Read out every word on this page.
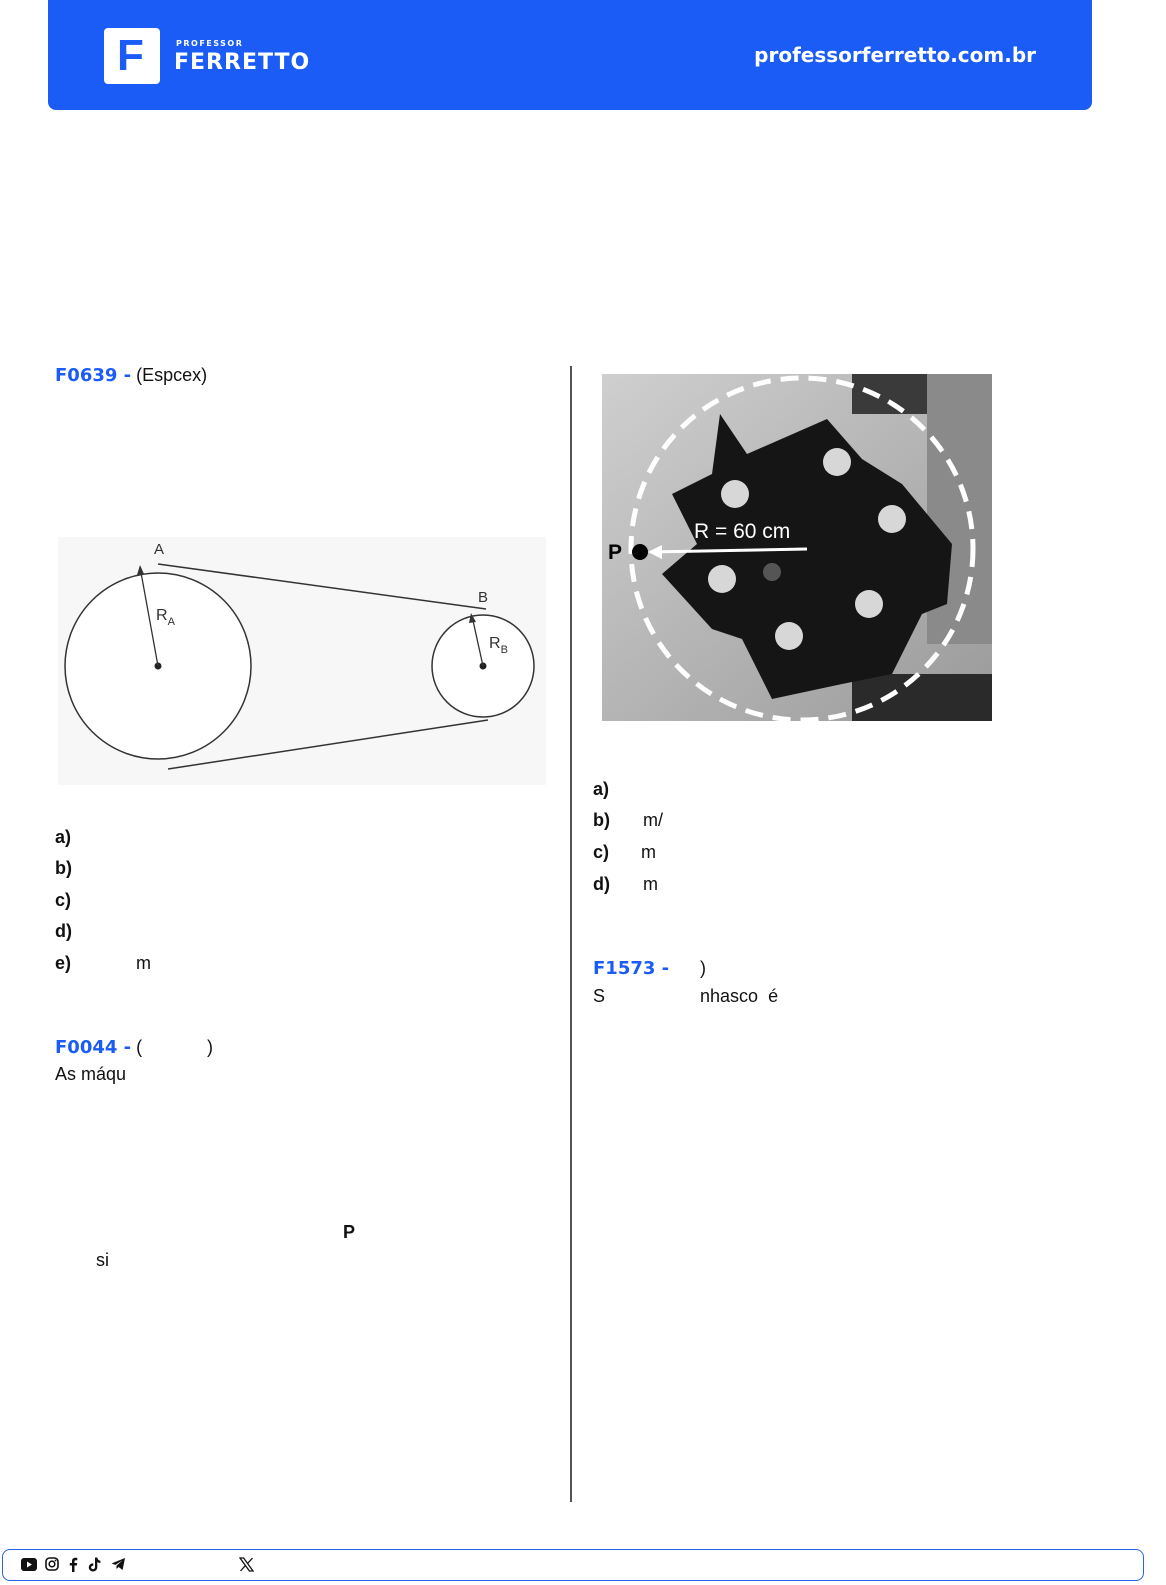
F	PROFESSOR
FERRETTO	professorferretto.com.br
F0639 - (Espcex)
A
B
$R_A$
$R_B$
a)
b)
c)
d)
e)	m
F0044 - (	)
As máqu
P
si
R = 60 cm
P
a)
b) m/
c) m
d) m
F1573 - )
S                   nhasco  é
